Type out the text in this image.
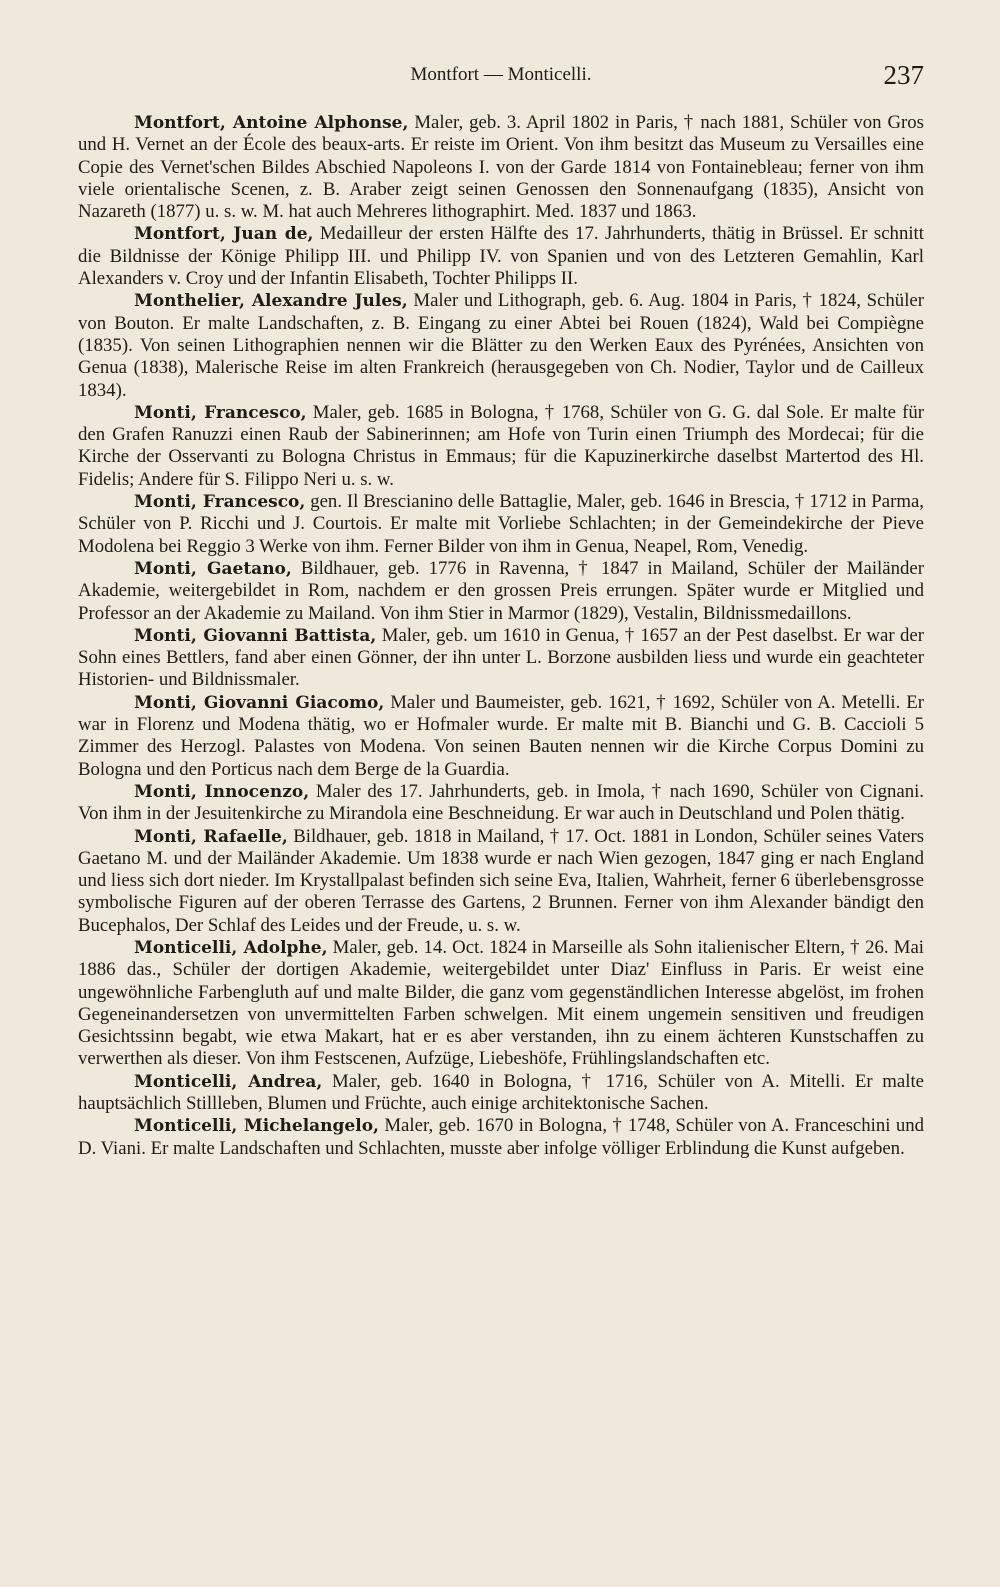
Montfort — Monticelli.	237

Montfort, Antoine Alphonse, Maler, geb. 3. April 1802 in Paris, † nach 1881, Schüler von Gros und H. Vernet an der École des beaux-arts. Er reiste im Orient. Von ihm besitzt das Museum zu Versailles eine Copie des Vernet'schen Bildes Abschied Napoleons I. von der Garde 1814 von Fontainebleau; ferner von ihm viele orientalische Scenen, z. B. Araber zeigt seinen Genossen den Sonnenaufgang (1835), Ansicht von Nazareth (1877) u. s. w. M. hat auch Mehreres lithographirt. Med. 1837 und 1863.

Montfort, Juan de, Medailleur der ersten Hälfte des 17. Jahrhunderts, thätig in Brüssel. Er schnitt die Bildnisse der Könige Philipp III. und Philipp IV. von Spanien und von des Letzteren Gemahlin, Karl Alexanders v. Croy und der Infantin Elisabeth, Tochter Philipps II.

Monthelier, Alexandre Jules, Maler und Lithograph, geb. 6. Aug. 1804 in Paris, † 1824, Schüler von Bouton. Er malte Landschaften, z. B. Eingang zu einer Abtei bei Rouen (1824), Wald bei Compiègne (1835). Von seinen Lithographien nennen wir die Blätter zu den Werken Eaux des Pyrénées, Ansichten von Genua (1838), Malerische Reise im alten Frankreich (herausgegeben von Ch. Nodier, Taylor und de Cailleux 1834).

Monti, Francesco, Maler, geb. 1685 in Bologna, † 1768, Schüler von G. G. dal Sole. Er malte für den Grafen Ranuzzi einen Raub der Sabinerinnen; am Hofe von Turin einen Triumph des Mordecai; für die Kirche der Osservanti zu Bologna Christus in Emmaus; für die Kapuzinerkirche daselbst Martertod des Hl. Fidelis; Andere für S. Filippo Neri u. s. w.

Monti, Francesco, gen. Il Brescianino delle Battaglie, Maler, geb. 1646 in Brescia, † 1712 in Parma, Schüler von P. Ricchi und J. Courtois. Er malte mit Vorliebe Schlachten; in der Gemeindekirche der Pieve Modolena bei Reggio 3 Werke von ihm. Ferner Bilder von ihm in Genua, Neapel, Rom, Venedig.

Monti, Gaetano, Bildhauer, geb. 1776 in Ravenna, † 1847 in Mailand, Schüler der Mailänder Akademie, weitergebildet in Rom, nachdem er den grossen Preis errungen. Später wurde er Mitglied und Professor an der Akademie zu Mailand. Von ihm Stier in Marmor (1829), Vestalin, Bildnissmedaillons.

Monti, Giovanni Battista, Maler, geb. um 1610 in Genua, † 1657 an der Pest daselbst. Er war der Sohn eines Bettlers, fand aber einen Gönner, der ihn unter L. Borzone ausbilden liess und wurde ein geachteter Historien- und Bildnissmaler.

Monti, Giovanni Giacomo, Maler und Baumeister, geb. 1621, † 1692, Schüler von A. Metelli. Er war in Florenz und Modena thätig, wo er Hofmaler wurde. Er malte mit B. Bianchi und G. B. Caccioli 5 Zimmer des Herzogl. Palastes von Modena. Von seinen Bauten nennen wir die Kirche Corpus Domini zu Bologna und den Porticus nach dem Berge de la Guardia.

Monti, Innocenzo, Maler des 17. Jahrhunderts, geb. in Imola, † nach 1690, Schüler von Cignani. Von ihm in der Jesuitenkirche zu Mirandola eine Beschneidung. Er war auch in Deutschland und Polen thätig.

Monti, Rafaelle, Bildhauer, geb. 1818 in Mailand, † 17. Oct. 1881 in London, Schüler seines Vaters Gaetano M. und der Mailänder Akademie. Um 1838 wurde er nach Wien gezogen, 1847 ging er nach England und liess sich dort nieder. Im Krystallpalast befinden sich seine Eva, Italien, Wahrheit, ferner 6 überlebensgrosse symbolische Figuren auf der oberen Terrasse des Gartens, 2 Brunnen. Ferner von ihm Alexander bändigt den Bucephalos, Der Schlaf des Leides und der Freude, u. s. w.

Monticelli, Adolphe, Maler, geb. 14. Oct. 1824 in Marseille als Sohn italienischer Eltern, † 26. Mai 1886 das., Schüler der dortigen Akademie, weitergebildet unter Diaz' Einfluss in Paris. Er weist eine ungewöhnliche Farbengluth auf und malte Bilder, die ganz vom gegenständlichen Interesse abgelöst, im frohen Gegeneinandersetzen von unvermittelten Farben schwelgen. Mit einem ungemein sensitiven und freudigen Gesichtssinn begabt, wie etwa Makart, hat er es aber verstanden, ihn zu einem ächteren Kunstschaffen zu verwerthen als dieser. Von ihm Festscenen, Aufzüge, Liebeshöfe, Frühlingslandschaften etc.

Monticelli, Andrea, Maler, geb. 1640 in Bologna, † 1716, Schüler von A. Mitelli. Er malte hauptsächlich Stillleben, Blumen und Früchte, auch einige architektonische Sachen.

Monticelli, Michelangelo, Maler, geb. 1670 in Bologna, † 1748, Schüler von A. Franceschini und D. Viani. Er malte Landschaften und Schlachten, musste aber infolge völliger Erblindung die Kunst aufgeben.
